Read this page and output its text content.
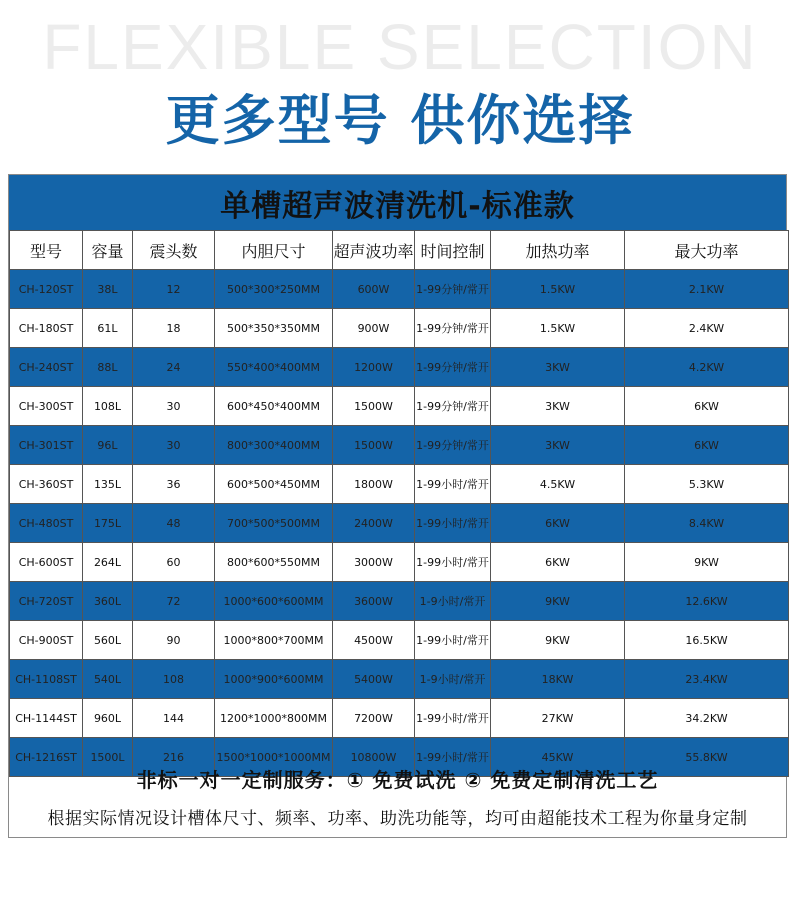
FLEXIBLE SELECTION
更多型号 供你选择
单槽超声波清洗机-标准款
型号	容量	震头数	内胆尺寸	超声波功率	时间控制	加热功率	最大功率
CH-120ST	38L	12	500*300*250MM	600W	1-99分钟/常开	1.5KW	2.1KW
CH-180ST	61L	18	500*350*350MM	900W	1-99分钟/常开	1.5KW	2.4KW
CH-240ST	88L	24	550*400*400MM	1200W	1-99分钟/常开	3KW	4.2KW
CH-300ST	108L	30	600*450*400MM	1500W	1-99分钟/常开	3KW	6KW
CH-301ST	96L	30	800*300*400MM	1500W	1-99分钟/常开	3KW	6KW
CH-360ST	135L	36	600*500*450MM	1800W	1-99小时/常开	4.5KW	5.3KW
CH-480ST	175L	48	700*500*500MM	2400W	1-99小时/常开	6KW	8.4KW
CH-600ST	264L	60	800*600*550MM	3000W	1-99小时/常开	6KW	9KW
CH-720ST	360L	72	1000*600*600MM	3600W	1-9小时/常开	9KW	12.6KW
CH-900ST	560L	90	1000*800*700MM	4500W	1-99小时/常开	9KW	16.5KW
CH-1108ST	540L	108	1000*900*600MM	5400W	1-9小时/常开	18KW	23.4KW
CH-1144ST	960L	144	1200*1000*800MM	7200W	1-99小时/常开	27KW	34.2KW
CH-1216ST	1500L	216	1500*1000*1000MM	10800W	1-99小时/常开	45KW	55.8KW
非标一对一定制服务：① 免费试洗 ② 免费定制清洗工艺
根据实际情况设计槽体尺寸、频率、功率、助洗功能等，均可由超能技术工程为你量身定制
